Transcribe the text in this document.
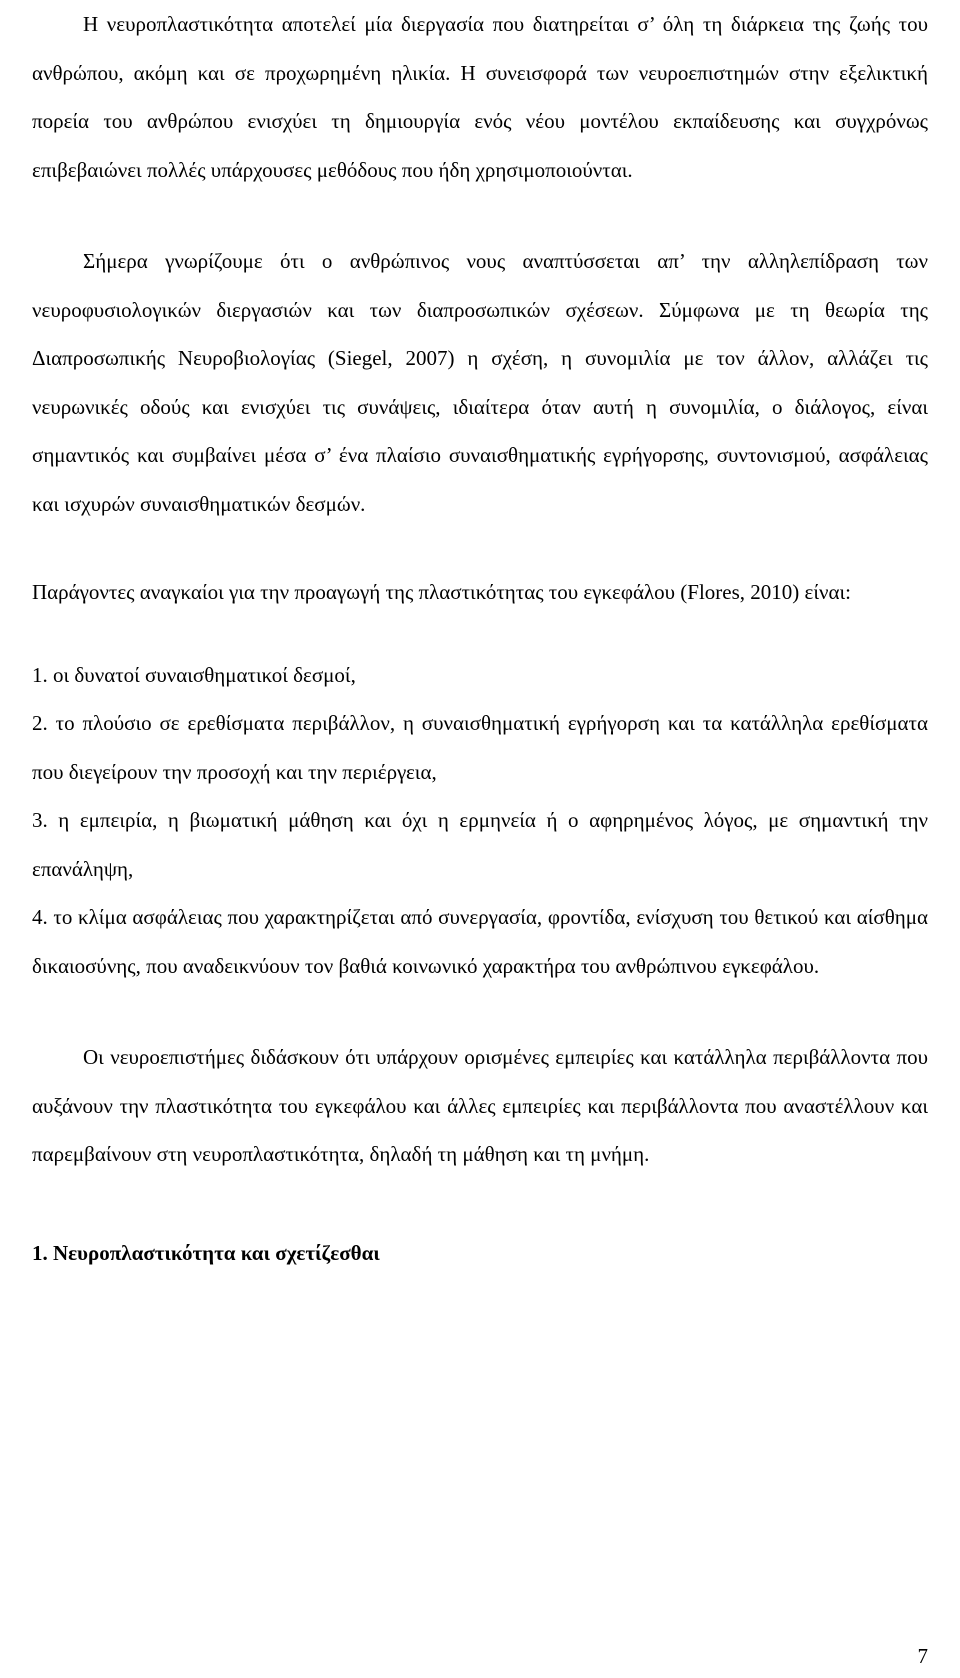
Η νευροπλαστικότητα αποτελεί μία διεργασία που διατηρείται σ’ όλη τη διάρκεια της ζωής του ανθρώπου, ακόμη και σε προχωρημένη ηλικία. Η συνεισφορά των νευροεπιστημών στην εξελικτική πορεία του ανθρώπου ενισχύει τη δημιουργία ενός νέου μοντέλου εκπαίδευσης και συγχρόνως επιβεβαιώνει πολλές υπάρχουσες μεθόδους που ήδη χρησιμοποιούνται.

Σήμερα γνωρίζουμε ότι ο ανθρώπινος νους αναπτύσσεται απ’ την αλληλεπίδραση των νευροφυσιολογικών διεργασιών και των διαπροσωπικών σχέσεων. Σύμφωνα με τη θεωρία της Διαπροσωπικής Νευροβιολογίας (Siegel, 2007) η σχέση, η συνομιλία με τον άλλον, αλλάζει τις νευρωνικές οδούς και ενισχύει τις συνάψεις, ιδιαίτερα όταν αυτή η συνομιλία, ο διάλογος, είναι σημαντικός και συμβαίνει μέσα σ’ ένα πλαίσιο συναισθηματικής εγρήγορσης, συντονισμού, ασφάλειας και ισχυρών συναισθηματικών δεσμών.

Παράγοντες αναγκαίοι για την προαγωγή της πλαστικότητας του εγκεφάλου (Flores, 2010) είναι:

1. οι δυνατοί συναισθηματικοί δεσμοί,

2. το πλούσιο σε ερεθίσματα περιβάλλον, η συναισθηματική εγρήγορση και τα κατάλληλα ερεθίσματα που διεγείρουν την προσοχή και την περιέργεια,

3. η εμπειρία, η βιωματική μάθηση και όχι η ερμηνεία ή ο αφηρημένος λόγος, με σημαντική την επανάληψη,

4. το κλίμα ασφάλειας που χαρακτηρίζεται από συνεργασία, φροντίδα, ενίσχυση του θετικού και αίσθημα δικαιοσύνης, που αναδεικνύουν τον βαθιά κοινωνικό χαρακτήρα του ανθρώπινου εγκεφάλου.

Οι νευροεπιστήμες διδάσκουν ότι υπάρχουν ορισμένες εμπειρίες και κατάλληλα περιβάλλοντα που αυξάνουν την πλαστικότητα του εγκεφάλου και άλλες εμπειρίες και περιβάλλοντα που αναστέλλουν και παρεμβαίνουν στη νευροπλαστικότητα, δηλαδή τη μάθηση και τη μνήμη.

1. Νευροπλαστικότητα και σχετίζεσθαι

7
